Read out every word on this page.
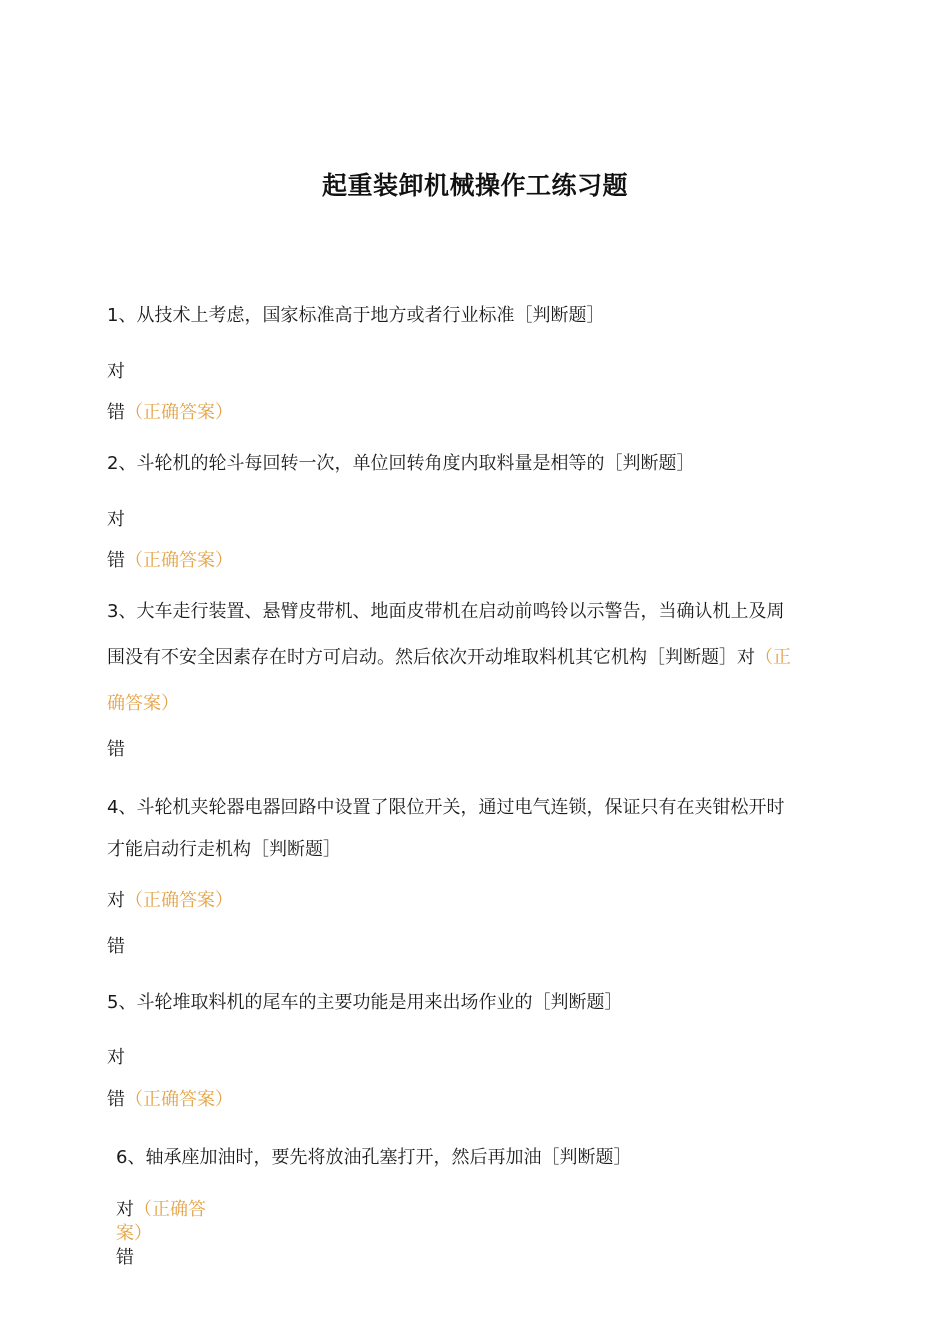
起重装卸机械操作工练习题
1、从技术上考虑，国家标准高于地方或者行业标准［判断题］
对
错（正确答案）
2、斗轮机的轮斗每回转一次，单位回转角度内取料量是相等的［判断题］
对
错（正确答案）
3、大车走行装置、悬臂皮带机、地面皮带机在启动前鸣铃以示警告，当确认机上及周
围没有不安全因素存在时方可启动。然后依次开动堆取料机其它机构［判断题］对（正
确答案）
错
4、斗轮机夹轮器电器回路中设置了限位开关，通过电气连锁，保证只有在夹钳松开时
才能启动行走机构［判断题］
对（正确答案）
错
5、斗轮堆取料机的尾车的主要功能是用来出场作业的［判断题］
对
错（正确答案）
6、轴承座加油时，要先将放油孔塞打开，然后再加油［判断题］
对（正确答
案）
错
